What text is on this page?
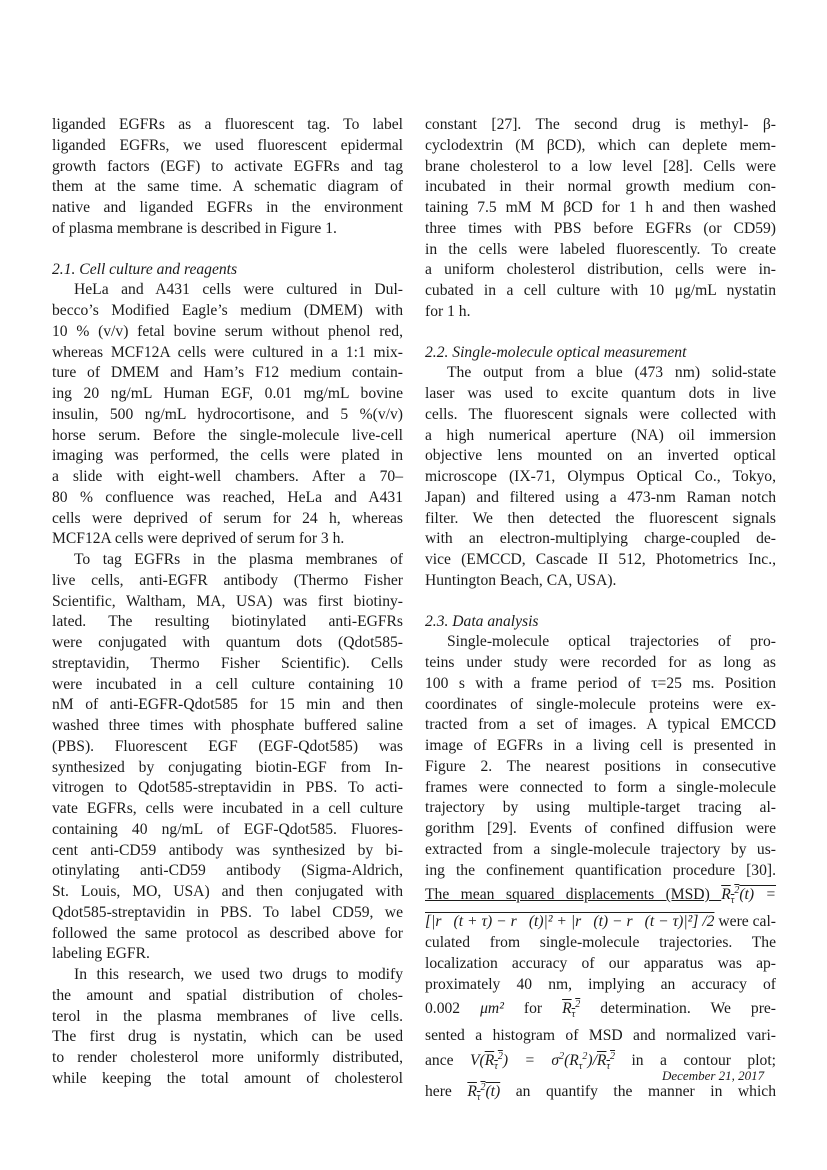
liganded EGFRs as a fluorescent tag. To label
liganded EGFRs, we used fluorescent epidermal
growth factors (EGF) to activate EGFRs and tag
them at the same time. A schematic diagram of
native and liganded EGFRs in the environment
of plasma membrane is described in Figure 1.
2.1. Cell culture and reagents
HeLa and A431 cells were cultured in Dul-
becco’s Modified Eagle’s medium (DMEM) with
10 % (v/v) fetal bovine serum without phenol red,
whereas MCF12A cells were cultured in a 1:1 mix-
ture of DMEM and Ham’s F12 medium contain-
ing 20 ng/mL Human EGF, 0.01 mg/mL bovine
insulin, 500 ng/mL hydrocortisone, and 5 %(v/v)
horse serum. Before the single-molecule live-cell
imaging was performed, the cells were plated in
a slide with eight-well chambers. After a 70–
80 % confluence was reached, HeLa and A431
cells were deprived of serum for 24 h, whereas
MCF12A cells were deprived of serum for 3 h.
To tag EGFRs in the plasma membranes of
live cells, anti-EGFR antibody (Thermo Fisher
Scientific, Waltham, MA, USA) was first biotiny-
lated. The resulting biotinylated anti-EGFRs
were conjugated with quantum dots (Qdot585-
streptavidin, Thermo Fisher Scientific). Cells
were incubated in a cell culture containing 10
nM of anti-EGFR-Qdot585 for 15 min and then
washed three times with phosphate buffered saline
(PBS). Fluorescent EGF (EGF-Qdot585) was
synthesized by conjugating biotin-EGF from In-
vitrogen to Qdot585-streptavidin in PBS. To acti-
vate EGFRs, cells were incubated in a cell culture
containing 40 ng/mL of EGF-Qdot585. Fluores-
cent anti-CD59 antibody was synthesized by bi-
otinylating anti-CD59 antibody (Sigma-Aldrich,
St. Louis, MO, USA) and then conjugated with
Qdot585-streptavidin in PBS. To label CD59, we
followed the same protocol as described above for
labeling EGFR.
In this research, we used two drugs to modify
the amount and spatial distribution of choles-
terol in the plasma membranes of live cells.
The first drug is nystatin, which can be used
to render cholesterol more uniformly distributed,
while keeping the total amount of cholesterol
constant [27]. The second drug is methyl- β-
cyclodextrin (M βCD), which can deplete mem-
brane cholesterol to a low level [28]. Cells were
incubated in their normal growth medium con-
taining 7.5 mM M βCD for 1 h and then washed
three times with PBS before EGFRs (or CD59)
in the cells were labeled fluorescently. To create
a uniform cholesterol distribution, cells were in-
cubated in a cell culture with 10 μg/mL nystatin
for 1 h.
2.2. Single-molecule optical measurement
The output from a blue (473 nm) solid-state
laser was used to excite quantum dots in live
cells. The fluorescent signals were collected with
a high numerical aperture (NA) oil immersion
objective lens mounted on an inverted optical
microscope (IX-71, Olympus Optical Co., Tokyo,
Japan) and filtered using a 473-nm Raman notch
filter. We then detected the fluorescent signals
with an electron-multiplying charge-coupled de-
vice (EMCCD, Cascade II 512, Photometrics Inc.,
Huntington Beach, CA, USA).
2.3. Data analysis
Single-molecule optical trajectories of pro-
teins under study were recorded for as long as
100 s with a frame period of τ=25 ms. Position
coordinates of single-molecule proteins were ex-
tracted from a set of images. A typical EMCCD
image of EGFRs in a living cell is presented in
Figure 2. The nearest positions in consecutive
frames were connected to form a single-molecule
trajectory by using multiple-target tracing al-
gorithm [29]. Events of confined diffusion were
extracted from a single-molecule trajectory by us-
ing the confinement quantification procedure [30].
The mean squared displacements (MSD) $R_\tau^2(t)$ =
[|r⃗(t + τ) − r⃗(t)|² + |r⃗(t) − r⃗(t − τ)|²] /2 were cal-
culated from single-molecule trajectories. The
localization accuracy of our apparatus was ap-
proximately 40 nm, implying an accuracy of
0.002 μm² for $R_\tau^2$ determination. We pre-
sented a histogram of MSD and normalized vari-
ance $V(R_\tau^2) = \sigma^2(R_\tau^2)/R_\tau^2$ in a contour plot;
here $R_\tau^2(t)$ an quantify the manner in which
December 21, 2017
